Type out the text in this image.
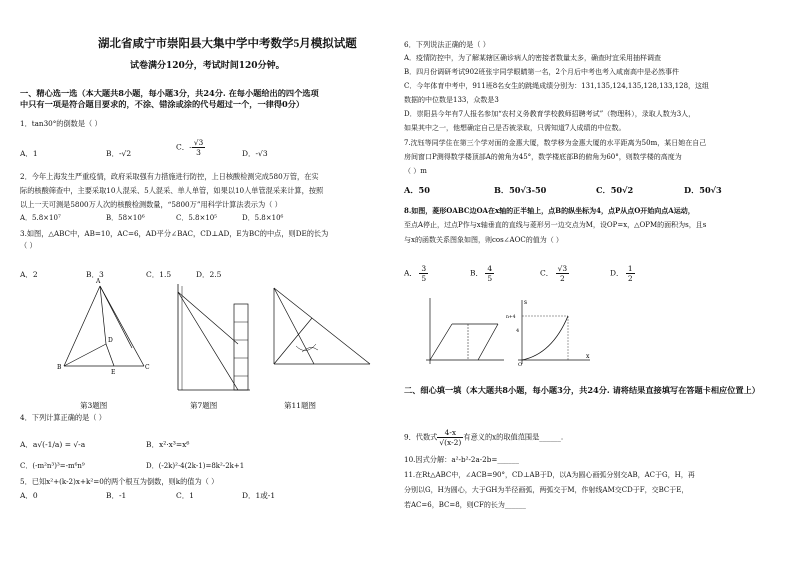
湖北省咸宁市崇阳县大集中学中考数学5月模拟试题
试卷满分120分，考试时间120分钟。
一、精心选一选（本大题共8小题，每小题3分，共24分. 在每小题给出的四个选项
中只有一项是符合题目要求的，不涂、错涂或涂的代号超过一个，一律得0分）
1．tan30°的倒数是（ ）
A．1	B．-√2
C．- $\frac{√3}{3}$	D．-√3
2．今年上海发生严重疫情，政府采取强有力措施进行防控，上日核酸检测完成580万管，在实
际的核酸筛查中，主要采取10人混采、5人混采、单人单管，如果以10人单管混采来计算，按照
以上一天可测是5800万人次的核酸检测数量，“5800万”用科学计算法表示为（ ）
A．5.8×10⁷	B．58×10⁶	C．5.8×10⁵	D．5.8×10⁶
3.如图，△ABC中，AB=10，AC=6，AD平分∠BAC，CD⊥AD，E为BC的中点，则DE的长为
（ ）
A．2	B．3	C．1.5	D．2.5
A
B	C
D
E
第3题图	第7题图	第11题图
4．下列计算正确的是（ ）
A．a√(-1/a) = √-a	B．x²·x³=x⁶
C．(-m²n³)³=-m⁶n⁹	D．(-2k)²·4(2k-1)=8k²-2k+1
5．已知x²+(k-2)x+k²=0的两个根互为倒数，则k的值为（ ）
A．0	B．-1	C．1	D．1或-1
6．下列说法正确的是（ ）
A．疫情防控中，为了解某辖区确诊病人的密接者数量太多，确查时宜采用抽样调查
B．四月份调研考试902班张宇同学眼睛第一名，2个月后中考也考入咸南高中是必然事件
C．今年体育中考中，911班8名女生的跳绳成绩分别为：131,135,124,135,128,133,128，这组
数据的中位数是133，众数是3
D．崇阳县今年有7人报名参加“农村义务教育学校教师招聘考试”（物理科），录取人数为3人，
如果其中之一，他想确定自己是否被录取，只需知道7人成绩的中位数。
7.沈钰等同学住在第三个学对面的金惠大厦，数学移为金惠大厦的水平距离为50m，某日她在自己
房间窗口P测得数学楼顶部A的俯角为45°，数学楼底部B的俯角为60°，则数学楼的高度为
（ ）m
A．50	B．50√3-50	C．50√2	D．50√3
8.如图，菱形OABC边OA在x轴的正半轴上，点B的纵坐标为4，点P从点O开始向点A运动，
至点A停止，过点P作与x轴垂直的直线与菱形另一边交点为M，设OP=x，△OPM的面积为s，且s
与x的函数关系图象如图，则cos∠AOC的值为（ ）
A． $\frac{3}{5}$	B． $\frac{4}{5}$	C． $\frac{√3}{2}$	D． $\frac{1}{2}$
x
s
O
n+4
4
二、细心填一填（本大题共8小题，每小题3分，共24分. 请将结果直接填写在答题卡相应位置上）
9．代数式 $\frac{4-x}{√(x-2)}$ 有意义的x的取值范围是______.
10.因式分解：a²-b²-2a-2b=______
11.在Rt△ABC中，∠ACB=90°，CD⊥AB于D，以A为圆心画弧分别交AB，AC于G，H，再
分别以G，H为圆心，大于GH为半径画弧，两弧交于M，作射线AM交CD于F，交BC于E，
若AC=6，BC=8，则CF的长为______
